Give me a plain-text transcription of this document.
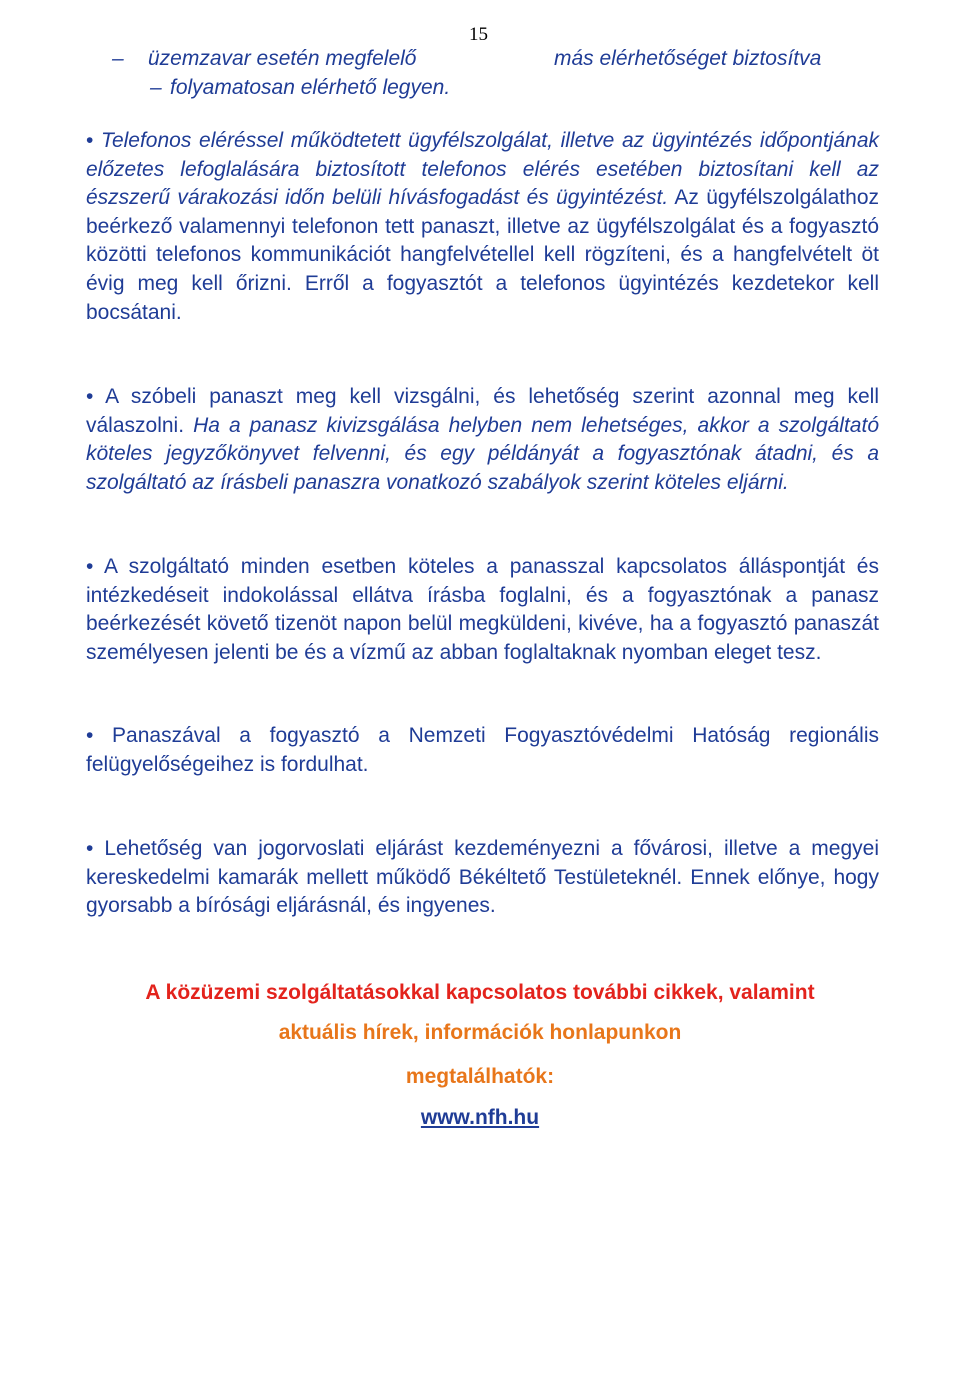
15
– üzemzavar esetén megfelelő	más elérhetőséget biztosítva
– folyamatosan elérhető legyen.

• Telefonos eléréssel működtetett ügyfélszolgálat, illetve az ügyintézés időpontjának előzetes lefoglalására biztosított telefonos elérés esetében biztosítani kell az észszerű várakozási időn belüli hívásfogadást és ügyintézést. Az ügyfélszolgálathoz beérkező valamennyi telefonon tett panaszt, illetve az ügyfélszolgálat és a fogyasztó közötti telefonos kommunikációt hangfelvétellel kell rögzíteni, és a hangfelvételt öt évig meg kell őrizni. Erről a fogyasztót a telefonos ügyintézés kezdetekor kell bocsátani.

• A szóbeli panaszt meg kell vizsgálni, és lehetőség szerint azonnal meg kell válaszolni. Ha a panasz kivizsgálása helyben nem lehetséges, akkor a szolgáltató köteles jegyzőkönyvet felvenni, és egy példányát a fogyasztónak átadni, és a szolgáltató az írásbeli panaszra vonatkozó szabályok szerint köteles eljárni.

• A szolgáltató minden esetben köteles a panasszal kapcsolatos álláspontját és intézkedéseit indokolással ellátva írásba foglalni, és a fogyasztónak a panasz beérkezését követő tizenöt napon belül megküldeni, kivéve, ha a fogyasztó panaszát személyesen jelenti be és a vízmű az abban foglaltaknak nyomban eleget tesz.

• Panaszával a fogyasztó a Nemzeti Fogyasztóvédelmi Hatóság regionális felügyelőségeihez is fordulhat.

• Lehetőség van jogorvoslati eljárást kezdeményezni a fővárosi, illetve a megyei kereskedelmi kamarák mellett működő Békéltető Testületeknél. Ennek előnye, hogy gyorsabb a bírósági eljárásnál, és ingyenes.

A közüzemi szolgáltatásokkal kapcsolatos további cikkek, valamint

aktuális hírek, információk honlapunkon

megtalálhatók:

www.nfh.hu
